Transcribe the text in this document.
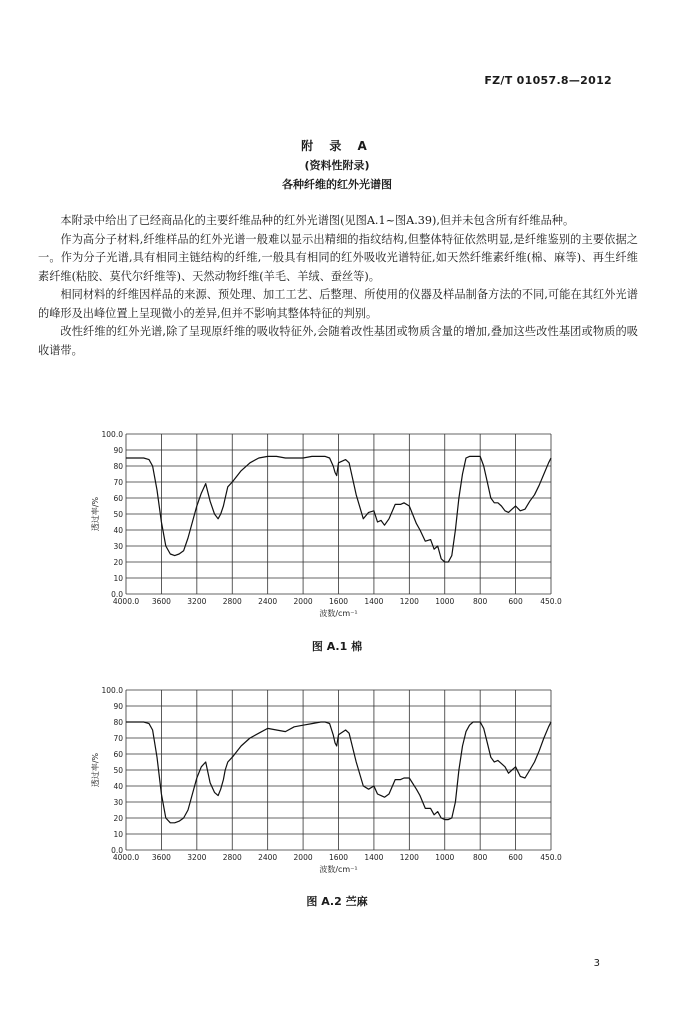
FZ/T 01057.8—2012
附 录 A
(资料性附录)
各种纤维的红外光谱图

本附录中给出了已经商品化的主要纤维品种的红外光谱图(见图A.1~图A.39),但并未包含所有纤维品种。

作为高分子材料,纤维样品的红外光谱一般难以显示出精细的指纹结构,但整体特征依然明显,是纤维鉴别的主要依据之一。作为分子光谱,具有相同主链结构的纤维,一般具有相同的红外吸收光谱特征,如天然纤维素纤维(棉、麻等)、再生纤维素纤维(粘胶、莫代尔纤维等)、天然动物纤维(羊毛、羊绒、蚕丝等)。

相同材料的纤维因样品的来源、预处理、加工工艺、后整理、所使用的仪器及样品制备方法的不同,可能在其红外光谱的峰形及出峰位置上呈现微小的差异,但并不影响其整体特征的判别。

改性纤维的红外光谱,除了呈现原纤维的吸收特征外,会随着改性基团或物质含量的增加,叠加这些改性基团或物质的吸收谱带。

0.0
10
20
30
40
50
60
70
80
90
100.0
4000.0 3600 3200 2800 2400 2000 1600 1400 1200 1000 800	600 450.0
波数/cm⁻¹
透过率/%
图 A.1 棉
0.0
10
20
30
40
50
60
70
80
90
100.0
4000.0 3600 3200 2800 2400 2000 1600 1400 1200 1000 800	600 450.0
波数/cm⁻¹
透过率/%
图 A.2 苎麻
3
